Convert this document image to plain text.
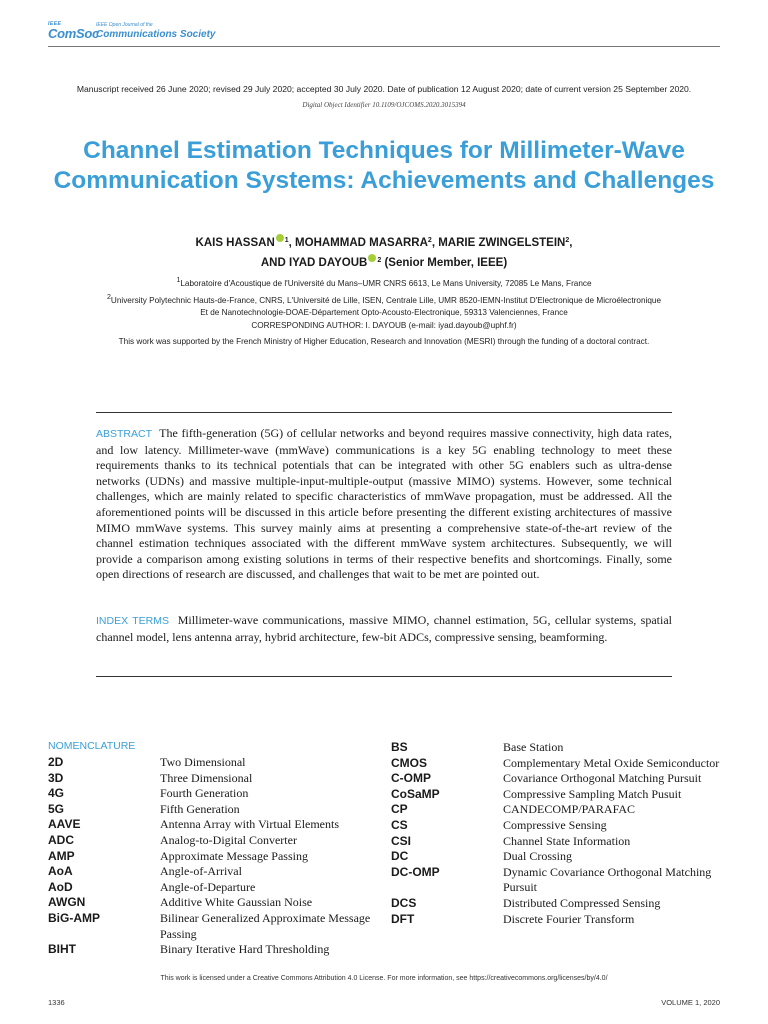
IEEE
ComSoc
IEEE Open Journal of the
Communications Society
Manuscript received 26 June 2020; revised 29 July 2020; accepted 30 July 2020. Date of publication 12 August 2020; date of current version 25 September 2020.
Digital Object Identifier 10.1109/OJCOMS.2020.3015394
Channel Estimation Techniques for Millimeter-Wave Communication Systems: Achievements and Challenges
KAIS HASSAN $^1$, MOHAMMAD MASARRA$^2$, MARIE ZWINGELSTEIN$^2$,
AND IYAD DAYOUB $^2$ (Senior Member, IEEE)
1Laboratoire d'Acoustique de l'Université du Mans–UMR CNRS 6613, Le Mans University, 72085 Le Mans, France
2University Polytechnic Hauts-de-France, CNRS, L'Université de Lille, ISEN, Centrale Lille, UMR 8520-IEMN-Institut D'Electronique de Microélectronique
Et de Nanotechnologie-DOAE-Département Opto-Acousto-Electronique, 59313 Valenciennes, France
CORRESPONDING AUTHOR: I. DAYOUB (e-mail: iyad.dayoub@uphf.fr)
This work was supported by the French Ministry of Higher Education, Research and Innovation (MESRI) through the funding of a doctoral contract.

ABSTRACT The fifth-generation (5G) of cellular networks and beyond requires massive connectivity, high data rates, and low latency. Millimeter-wave (mmWave) communications is a key 5G enabling technology to meet these requirements thanks to its technical potentials that can be integrated with other 5G enablers such as ultra-dense networks (UDNs) and massive multiple-input-multiple-output (massive MIMO) systems. However, some technical challenges, which are mainly related to specific characteristics of mmWave propagation, must be addressed. All the aforementioned points will be discussed in this article before presenting the different existing architectures of massive MIMO mmWave systems. This survey mainly aims at presenting a comprehensive state-of-the-art review of the channel estimation techniques associated with the different mmWave system architectures. Subsequently, we will provide a comparison among existing solutions in terms of their respective benefits and shortcomings. Finally, some open directions of research are discussed, and challenges that wait to be met are pointed out.

INDEX TERMS Millimeter-wave communications, massive MIMO, channel estimation, 5G, cellular systems, spatial channel model, lens antenna array, hybrid architecture, few-bit ADCs, compressive sensing, beamforming.

NOMENCLATURE
2D	Two Dimensional
3D	Three Dimensional
4G	Fourth Generation
5G	Fifth Generation
AAVE	Antenna Array with Virtual Elements
ADC	Analog-to-Digital Converter
AMP	Approximate Message Passing
AoA	Angle-of-Arrival
AoD	Angle-of-Departure
AWGN	Additive White Gaussian Noise
BiG-AMP	Bilinear Generalized Approximate Message Passing
BIHT	Binary Iterative Hard Thresholding
BS	Base Station
CMOS	Complementary Metal Oxide Semiconductor
C-OMP	Covariance Orthogonal Matching Pursuit
CoSaMP	Compressive Sampling Match Pusuit
CP	CANDECOMP/PARAFAC
CS	Compressive Sensing
CSI	Channel State Information
DC	Dual Crossing
DC-OMP	Dynamic Covariance Orthogonal Matching Pursuit
DCS	Distributed Compressed Sensing
DFT	Discrete Fourier Transform
This work is licensed under a Creative Commons Attribution 4.0 License. For more information, see https://creativecommons.org/licenses/by/4.0/
1336	VOLUME 1, 2020
